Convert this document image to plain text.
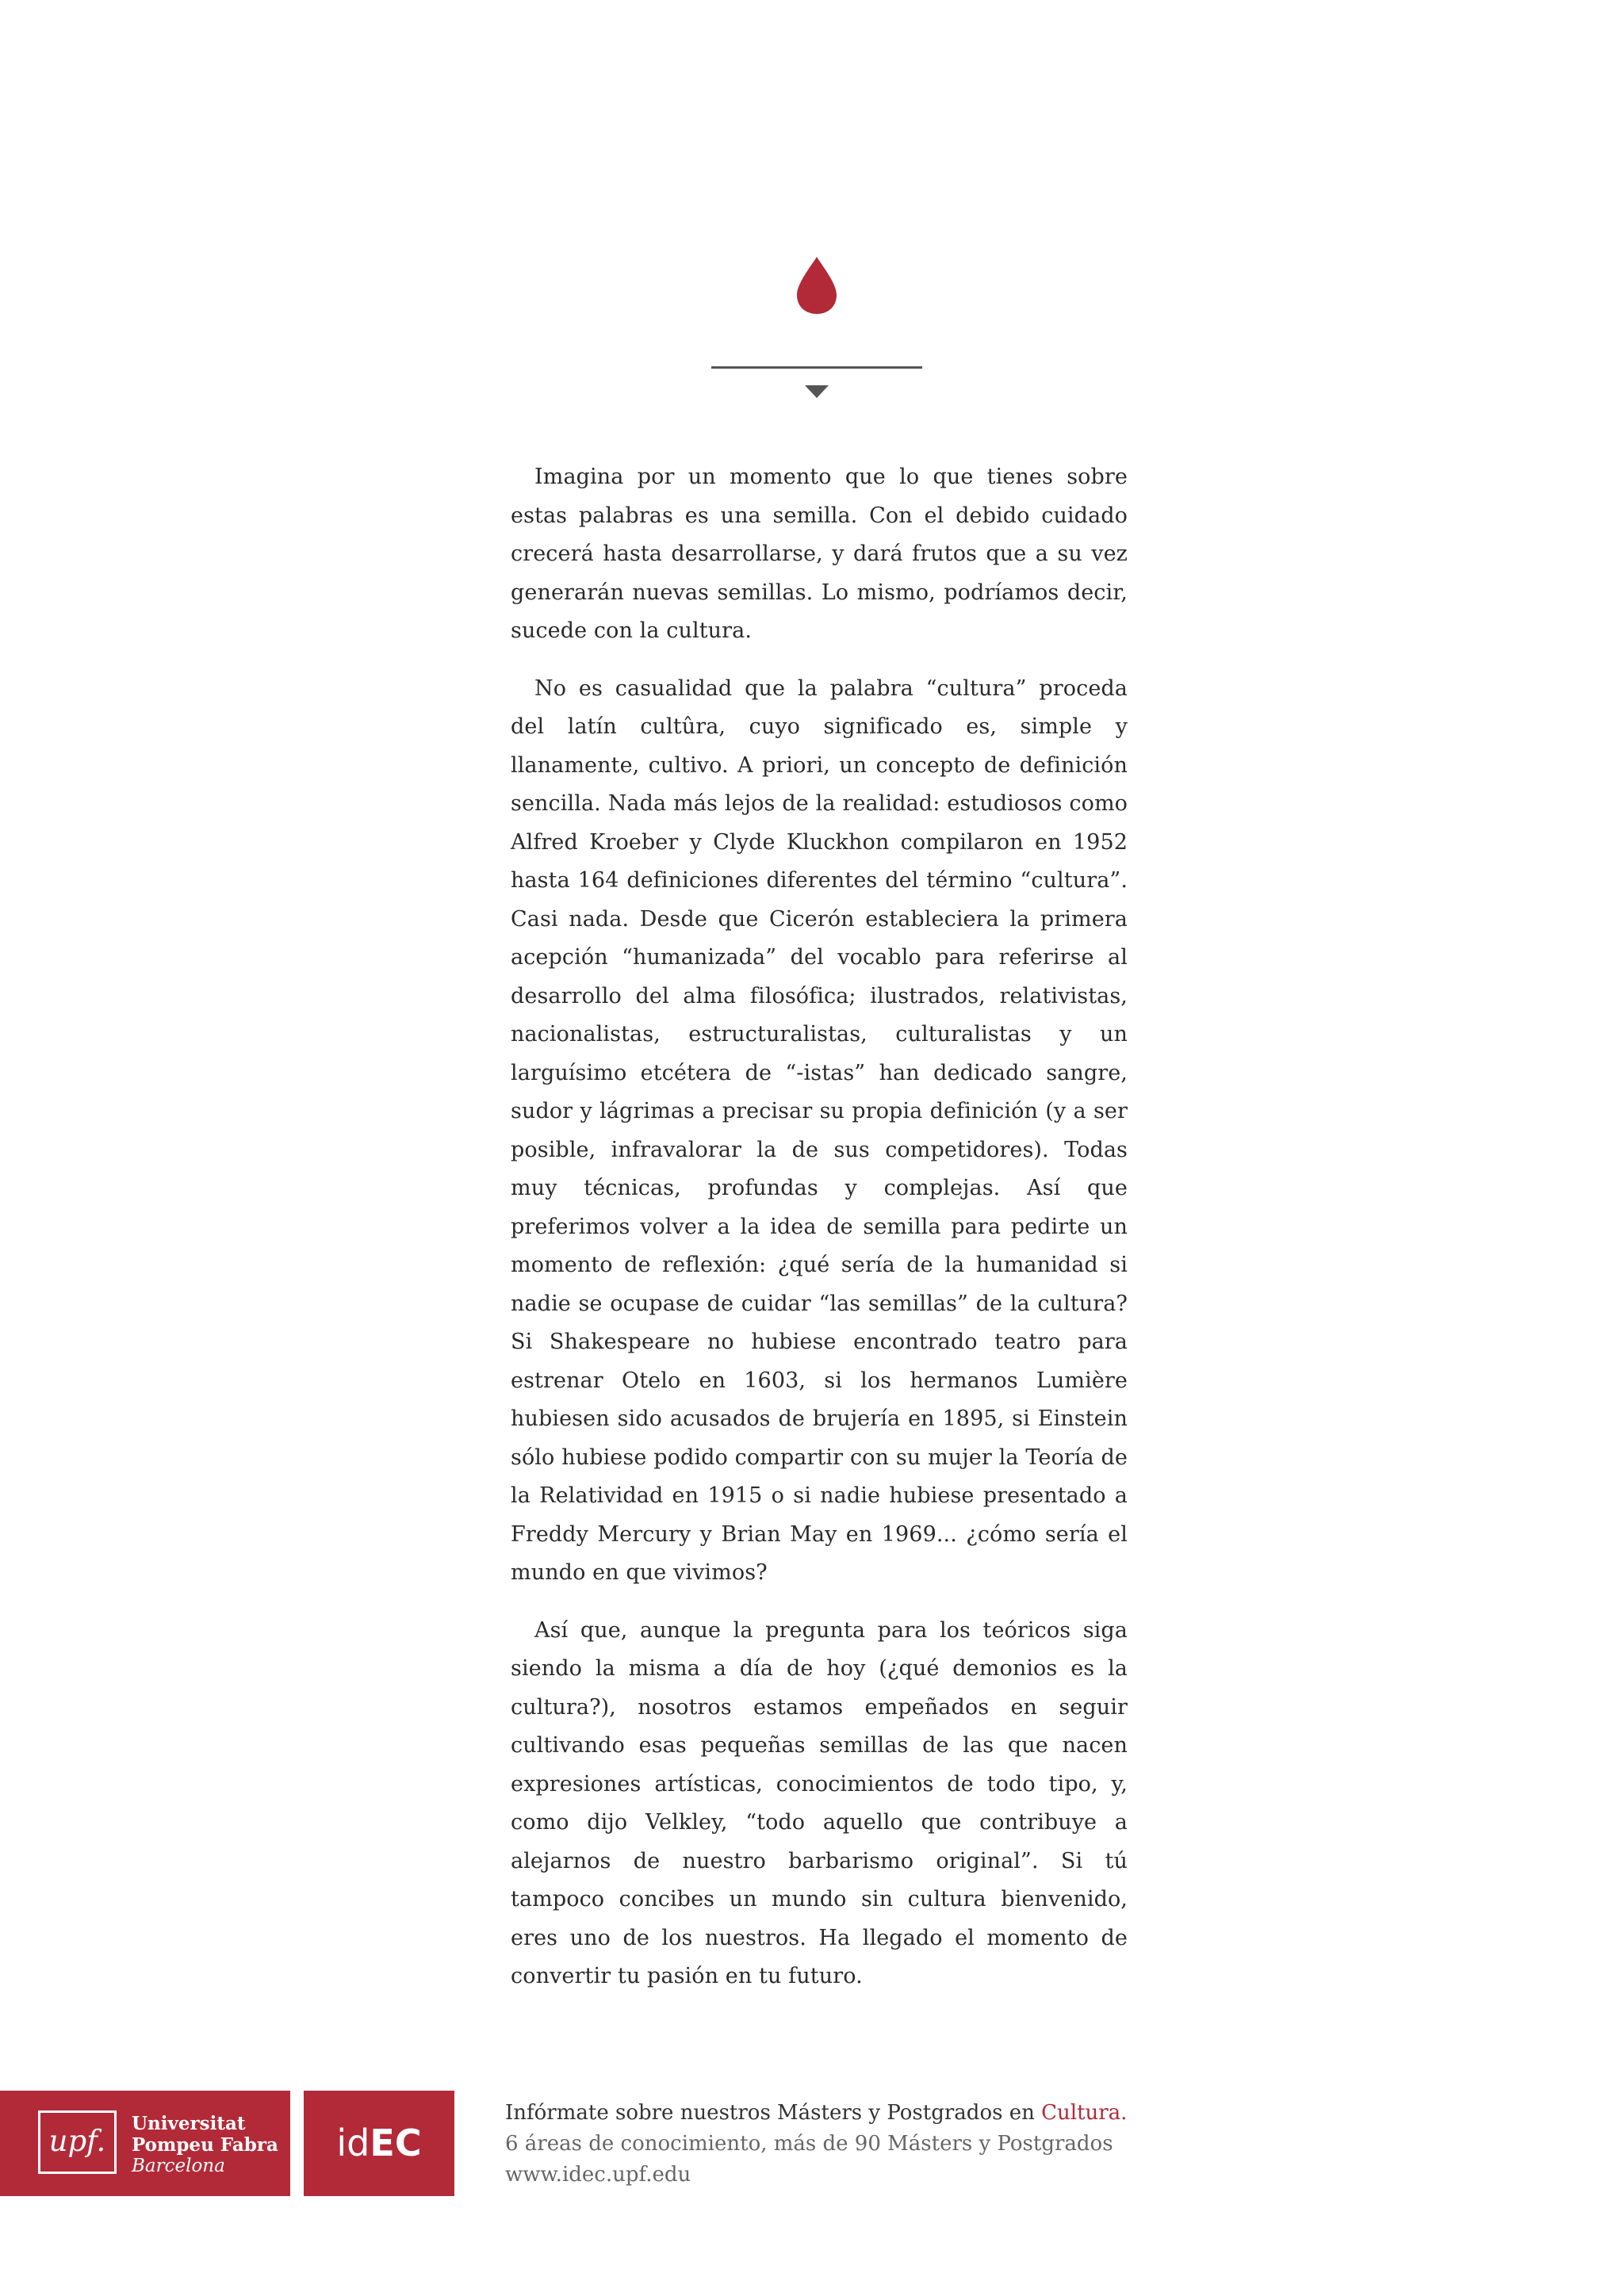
Imagina por un momento que lo que tienes sobre estas palabras es una semilla. Con el debido cuidado crecerá hasta desarrollarse, y dará frutos que a su vez generarán nuevas semillas. Lo mismo, podríamos decir, sucede con la cultura.

No es casualidad que la palabra “cultura” proceda del latín cultûra, cuyo significado es, simple y llanamente, cultivo. A priori, un concepto de definición sencilla. Nada más lejos de la realidad: estudiosos como Alfred Kroeber y Clyde Kluckhon compilaron en 1952 hasta 164 definiciones diferentes del término “cultura”. Casi nada. Desde que Cicerón estableciera la primera acepción “humanizada” del vocablo para referirse al desarrollo del alma filosófica; ilustrados, relativistas, nacionalistas, estructuralistas, culturalistas y un larguísimo etcétera de “-istas” han dedicado sangre, sudor y lágrimas a precisar su propia definición (y a ser posible, infravalorar la de sus competidores). Todas muy técnicas, profundas y complejas. Así que preferimos volver a la idea de semilla para pedirte un momento de reflexión: ¿qué sería de la humanidad si nadie se ocupase de cuidar “las semillas” de la cultura? Si Shakespeare no hubiese encontrado teatro para estrenar Otelo en 1603, si los hermanos Lumière hubiesen sido acusados de brujería en 1895, si Einstein sólo hubiese podido compartir con su mujer la Teoría de la Relatividad en 1915 o si nadie hubiese presentado a Freddy Mercury y Brian May en 1969... ¿cómo sería el mundo en que vivimos?

Así que, aunque la pregunta para los teóricos siga siendo la misma a día de hoy (¿qué demonios es la cultura?), nosotros estamos empeñados en seguir cultivando esas pequeñas semillas de las que nacen expresiones artísticas, conocimientos de todo tipo, y, como dijo Velkley, “todo aquello que contribuye a alejarnos de nuestro barbarismo original”. Si tú tampoco concibes un mundo sin cultura bienvenido, eres uno de los nuestros. Ha llegado el momento de convertir tu pasión en tu futuro.

upf.
Universitat
Pompeu Fabra
Barcelona
idEC
Infórmate sobre nuestros Másters y Postgrados en Cultura.
6 áreas de conocimiento, más de 90 Másters y Postgrados
www.idec.upf.edu
